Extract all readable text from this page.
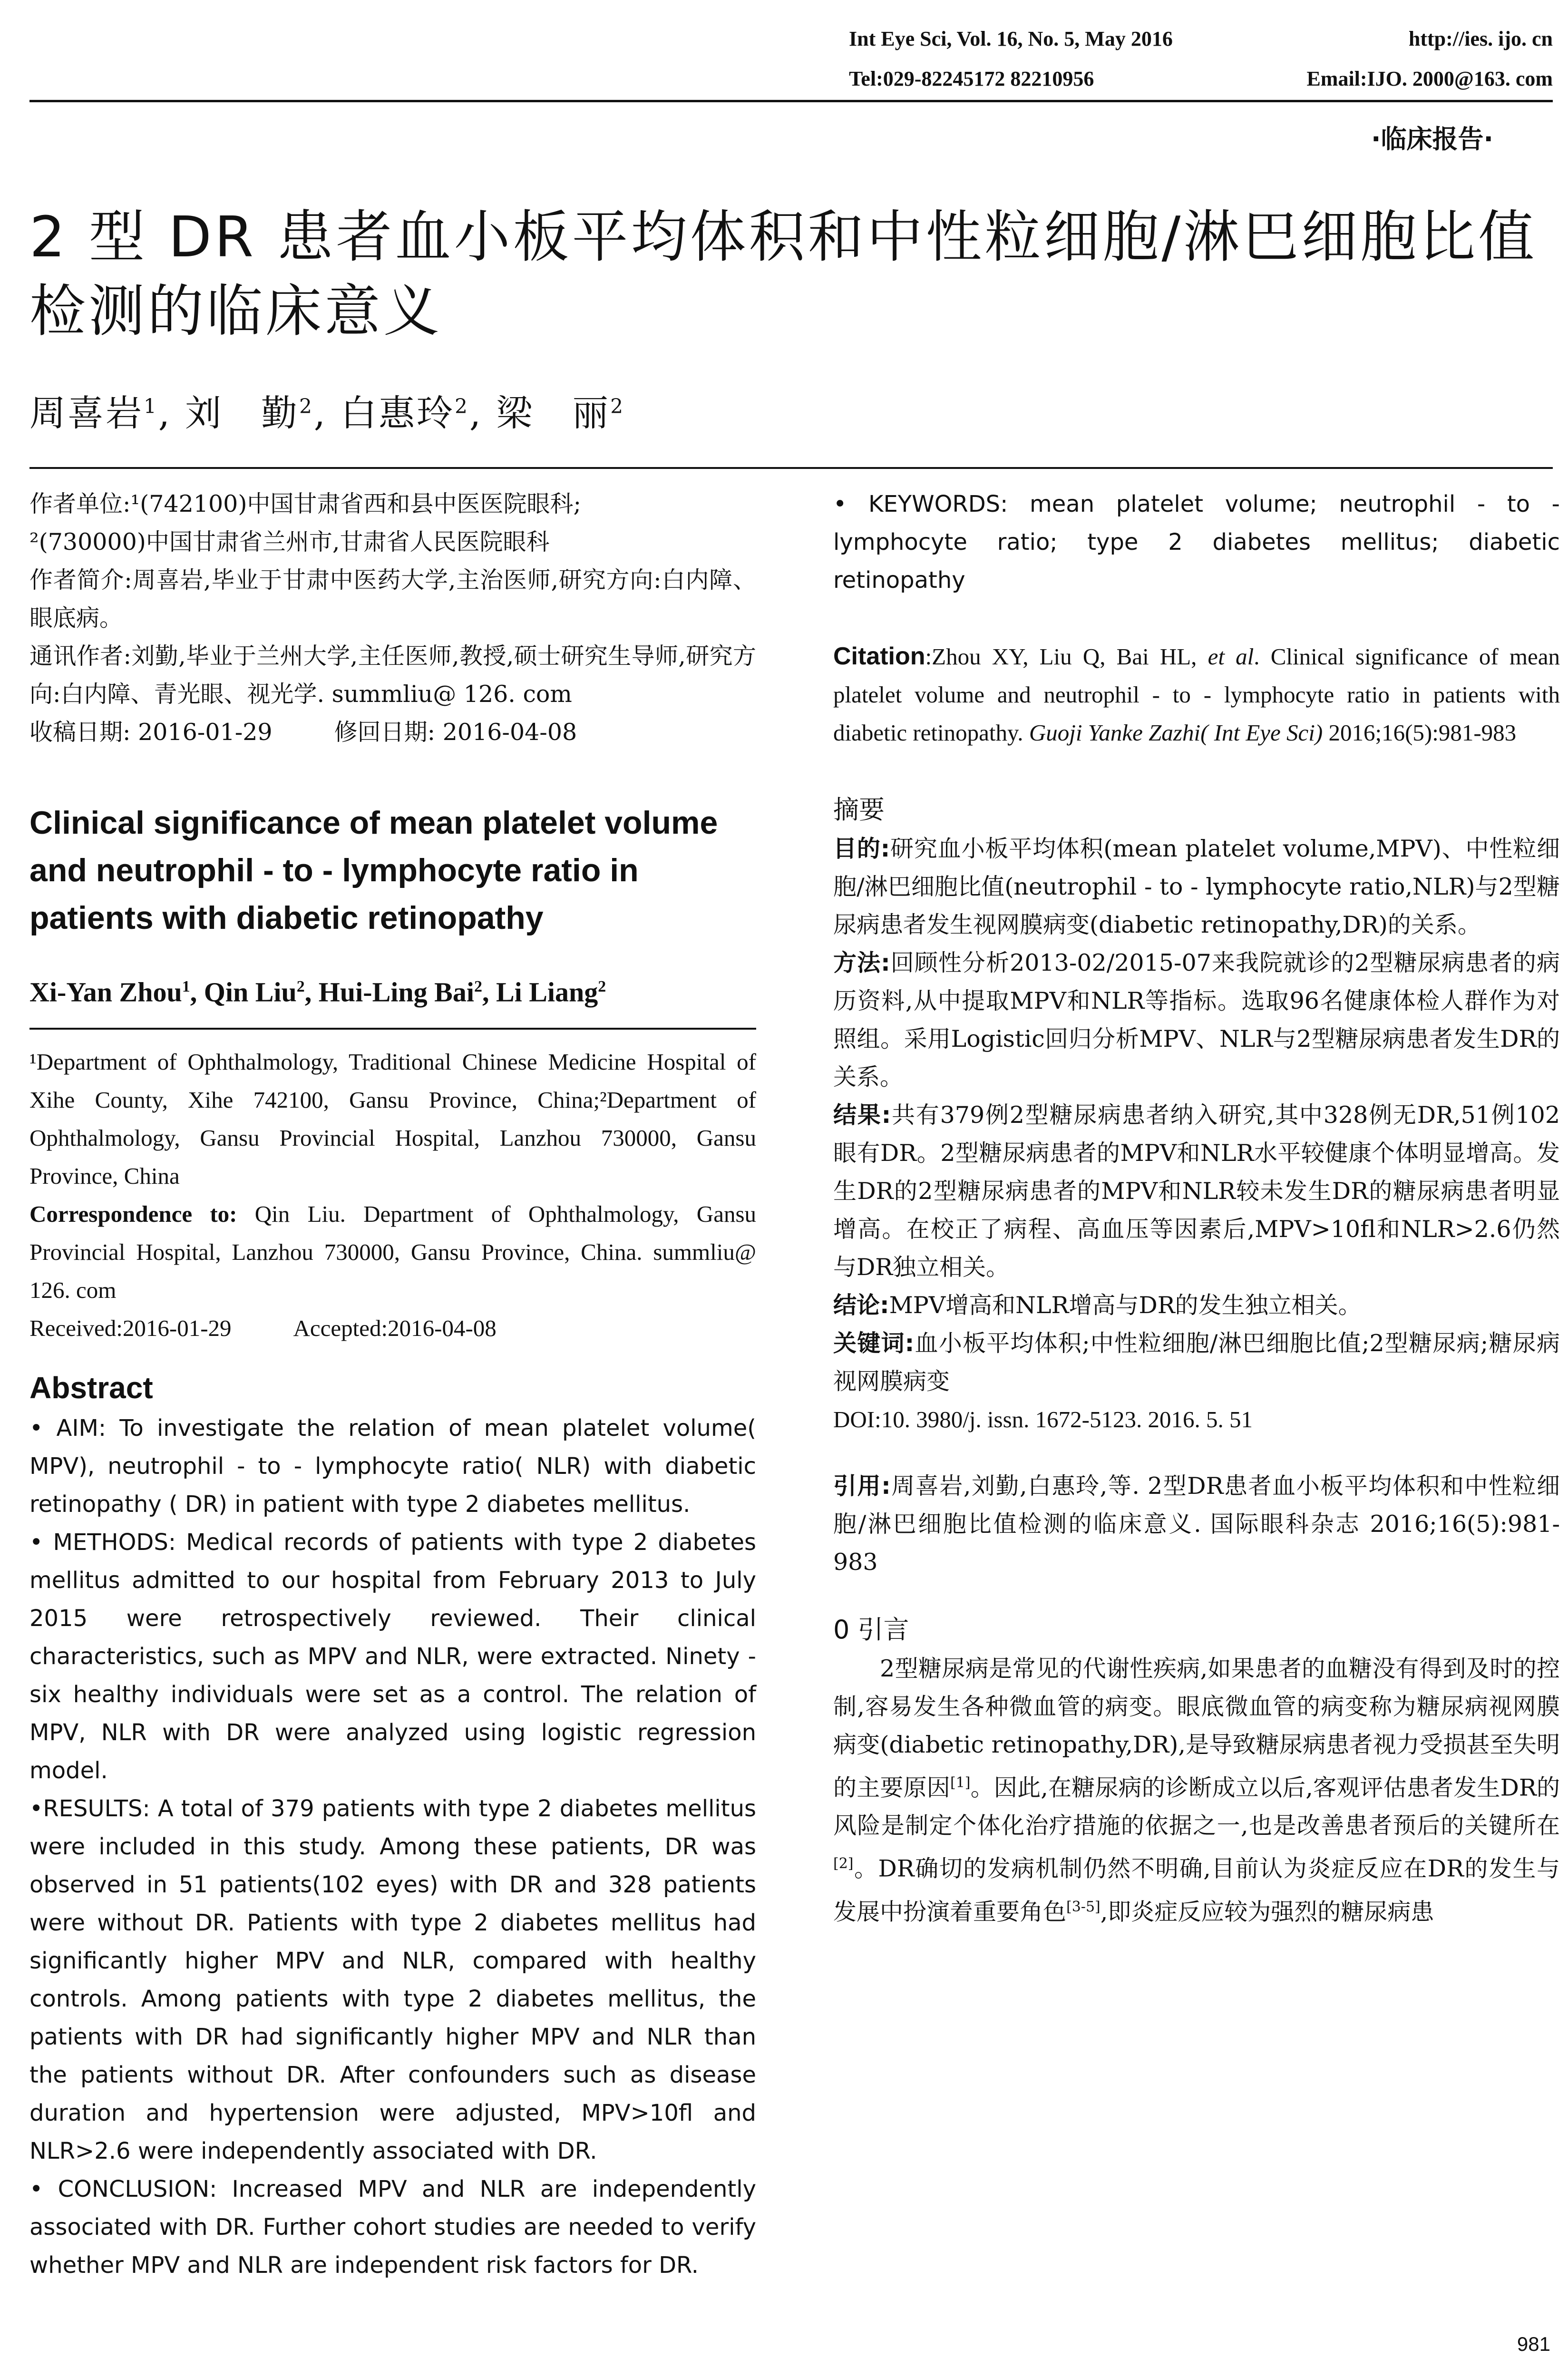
Int Eye Sci, Vol. 16, No. 5, May 2016	http://ies. ijo. cn
Tel:029-82245172 82210956	Email:IJO. 2000@163. com
·临床报告·
2 型 DR 患者血小板平均体积和中性粒细胞/淋巴细胞比值检测的临床意义
周喜岩$^1$, 刘　勤$^2$, 白惠玲$^2$, 梁　丽$^2$

作者单位:¹(742100)中国甘肃省西和县中医医院眼科;

²(730000)中国甘肃省兰州市,甘肃省人民医院眼科

作者简介:周喜岩,毕业于甘肃中医药大学,主治医师,研究方向:白内障、眼底病。

通讯作者:刘勤,毕业于兰州大学,主任医师,教授,硕士研究生导师,研究方向:白内障、青光眼、视光学. summliu@ 126. com

收稿日期: 2016-01-29	修回日期: 2016-04-08

Clinical significance of mean platelet volume and neutrophil - to - lymphocyte ratio in patients with diabetic retinopathy

Xi-Yan Zhou$^1$, Qin Liu$^2$, Hui-Ling Bai$^2$, Li Liang$^2$

¹Department of Ophthalmology, Traditional Chinese Medicine Hospital of Xihe County, Xihe 742100, Gansu Province, China;²Department of Ophthalmology, Gansu Provincial Hospital, Lanzhou 730000, Gansu Province, China

Correspondence to: Qin Liu. Department of Ophthalmology, Gansu Provincial Hospital, Lanzhou 730000, Gansu Province, China. summliu@ 126. com

Received:2016-01-29	Accepted:2016-04-08

Abstract

• AIM: To investigate the relation of mean platelet volume( MPV), neutrophil - to - lymphocyte ratio( NLR) with diabetic retinopathy ( DR) in patient with type 2 diabetes mellitus.

• METHODS: Medical records of patients with type 2 diabetes mellitus admitted to our hospital from February 2013 to July 2015 were retrospectively reviewed. Their clinical characteristics, such as MPV and NLR, were extracted. Ninety - six healthy individuals were set as a control. The relation of MPV, NLR with DR were analyzed using logistic regression model.

•RESULTS: A total of 379 patients with type 2 diabetes mellitus were included in this study. Among these patients, DR was observed in 51 patients(102 eyes) with DR and 328 patients were without DR. Patients with type 2 diabetes mellitus had significantly higher MPV and NLR, compared with healthy controls. Among patients with type 2 diabetes mellitus, the patients with DR had significantly higher MPV and NLR than the patients without DR. After confounders such as disease duration and hypertension were adjusted, MPV>10fl and NLR>2.6 were independently associated with DR.

• CONCLUSION: Increased MPV and NLR are independently associated with DR. Further cohort studies are needed to verify whether MPV and NLR are independent risk factors for DR.

• KEYWORDS: mean platelet volume; neutrophil - to - lymphocyte ratio; type 2 diabetes mellitus; diabetic retinopathy

Citation:Zhou XY, Liu Q, Bai HL, et al. Clinical significance of mean platelet volume and neutrophil - to - lymphocyte ratio in patients with diabetic retinopathy. Guoji Yanke Zazhi( Int Eye Sci) 2016;16(5):981-983

摘要

目的:研究血小板平均体积(mean platelet volume,MPV)、中性粒细胞/淋巴细胞比值(neutrophil - to - lymphocyte ratio,NLR)与2型糖尿病患者发生视网膜病变(diabetic retinopathy,DR)的关系。

方法:回顾性分析2013-02/2015-07来我院就诊的2型糖尿病患者的病历资料,从中提取MPV和NLR等指标。选取96名健康体检人群作为对照组。采用Logistic回归分析MPV、NLR与2型糖尿病患者发生DR的关系。

结果:共有379例2型糖尿病患者纳入研究,其中328例无DR,51例102眼有DR。2型糖尿病患者的MPV和NLR水平较健康个体明显增高。发生DR的2型糖尿病患者的MPV和NLR较未发生DR的糖尿病患者明显增高。在校正了病程、高血压等因素后,MPV>10fl和NLR>2.6仍然与DR独立相关。

结论:MPV增高和NLR增高与DR的发生独立相关。

关键词:血小板平均体积;中性粒细胞/淋巴细胞比值;2型糖尿病;糖尿病视网膜病变

DOI:10. 3980/j. issn. 1672-5123. 2016. 5. 51

引用:周喜岩,刘勤,白惠玲,等. 2型DR患者血小板平均体积和中性粒细胞/淋巴细胞比值检测的临床意义. 国际眼科杂志 2016;16(5):981-983

0 引言

2型糖尿病是常见的代谢性疾病,如果患者的血糖没有得到及时的控制,容易发生各种微血管的病变。眼底微血管的病变称为糖尿病视网膜病变(diabetic retinopathy,DR),是导致糖尿病患者视力受损甚至失明的主要原因[1]。因此,在糖尿病的诊断成立以后,客观评估患者发生DR的风险是制定个体化治疗措施的依据之一,也是改善患者预后的关键所在[2]。DR确切的发病机制仍然不明确,目前认为炎症反应在DR的发生与发展中扮演着重要角色[3-5],即炎症反应较为强烈的糖尿病患

981
